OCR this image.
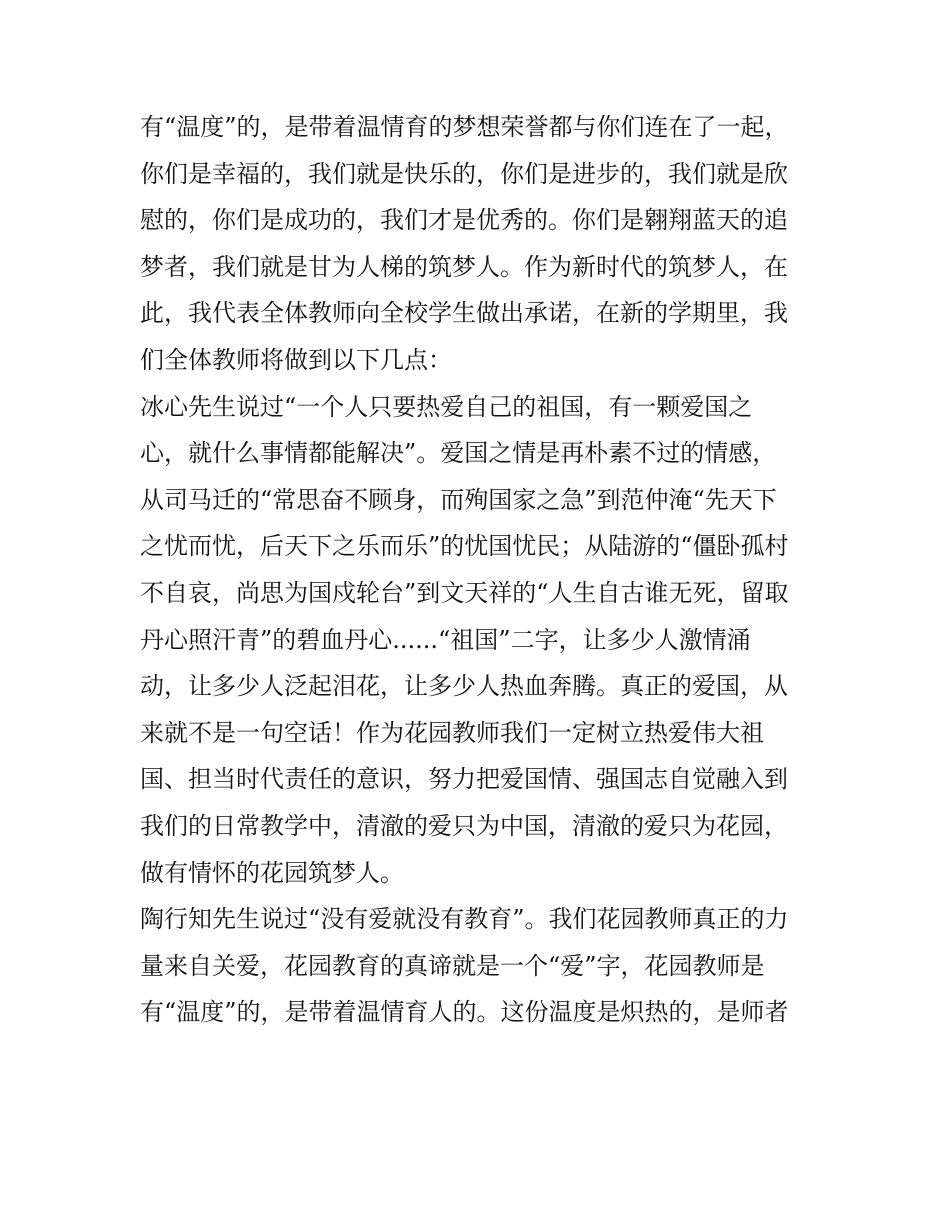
有“温度”的，是带着温情育的梦想荣誉都与你们连在了一起，
你们是幸福的，我们就是快乐的，你们是进步的，我们就是欣
慰的，你们是成功的，我们才是优秀的。你们是翱翔蓝天的追
梦者，我们就是甘为人梯的筑梦人。作为新时代的筑梦人，在
此，我代表全体教师向全校学生做出承诺，在新的学期里，我
们全体教师将做到以下几点：
冰心先生说过“一个人只要热爱自己的祖国，有一颗爱国之
心，就什么事情都能解决”。爱国之情是再朴素不过的情感，
从司马迁的“常思奋不顾身，而殉国家之急”到范仲淹“先天下
之忧而忧，后天下之乐而乐”的忧国忧民；从陆游的“僵卧孤村
不自哀，尚思为国戍轮台”到文天祥的“人生自古谁无死，留取
丹心照汗青”的碧血丹心......“祖国”二字，让多少人激情涌
动，让多少人泛起泪花，让多少人热血奔腾。真正的爱国，从
来就不是一句空话！作为花园教师我们一定树立热爱伟大祖
国、担当时代责任的意识，努力把爱国情、强国志自觉融入到
我们的日常教学中，清澈的爱只为中国，清澈的爱只为花园，
做有情怀的花园筑梦人。
陶行知先生说过“没有爱就没有教育”。我们花园教师真正的力
量来自关爱，花园教育的真谛就是一个“爱”字，花园教师是
有“温度”的，是带着温情育人的。这份温度是炽热的，是师者
